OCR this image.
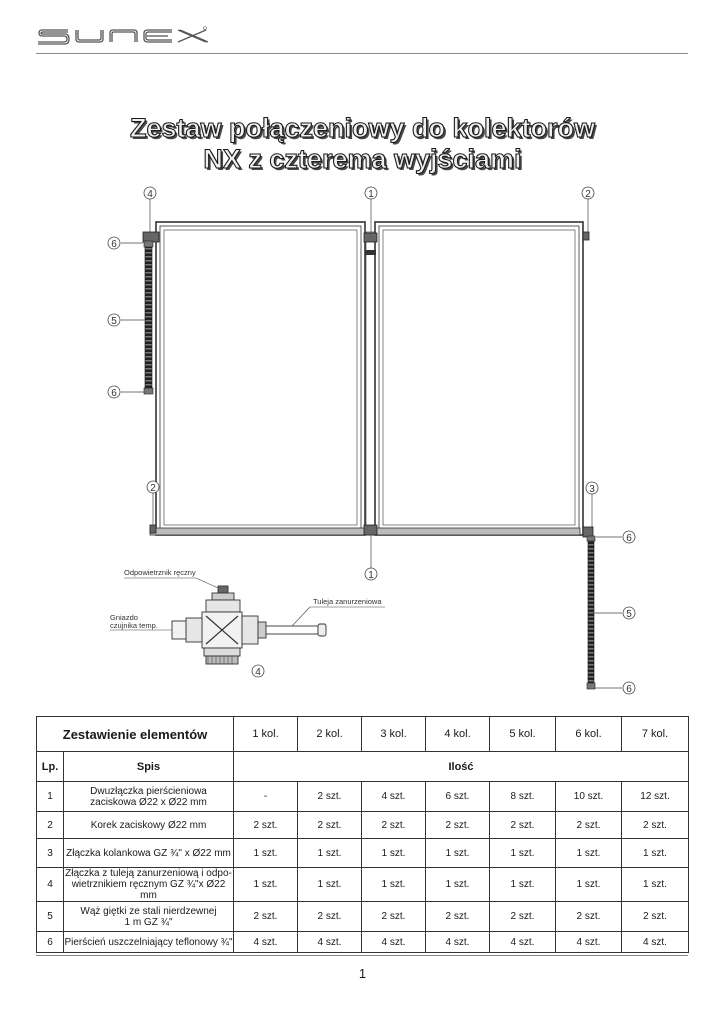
Zestaw połączeniowy do kolektorów
NX z czterema wyjściami
4	1	2
6
5
6
2	3
1
6
5
6
4
Odpowietrznik ręczny
Tuleja zanurzeniowa
Gniazdo
czujnika temp.
Zestawienie elementów		1 kol.	2 kol.	3 kol.	4 kol.	5 kol.	6 kol.	7 kol.
Lp.	Spis	Ilość						
1	Dwuzłączka pierścieniowa
zaciskowa Ø22 x Ø22 mm	-	2 szt.	4 szt.	6 szt.	8 szt.	10 szt.	12 szt.
2	Korek zaciskowy Ø22 mm	2 szt.	2 szt.	2 szt.	2 szt.	2 szt.	2 szt.	2 szt.
3	Złączka kolankowa GZ ¾" x Ø22 mm	1 szt.	1 szt.	1 szt.	1 szt.	1 szt.	1 szt.	1 szt.
4	Złączka z tuleją zanurzeniową i odpo-
wietrznikiem ręcznym GZ ¾"x Ø22 mm	1 szt.	1 szt.	1 szt.	1 szt.	1 szt.	1 szt.	1 szt.
5	Wąż giętki ze stali nierdzewnej
1 m GZ ¾"	2 szt.	2 szt.	2 szt.	2 szt.	2 szt.	2 szt.	2 szt.
6	Pierścień uszczelniający teflonowy ¾"	4 szt.	4 szt.	4 szt.	4 szt.	4 szt.	4 szt.	4 szt.
1
